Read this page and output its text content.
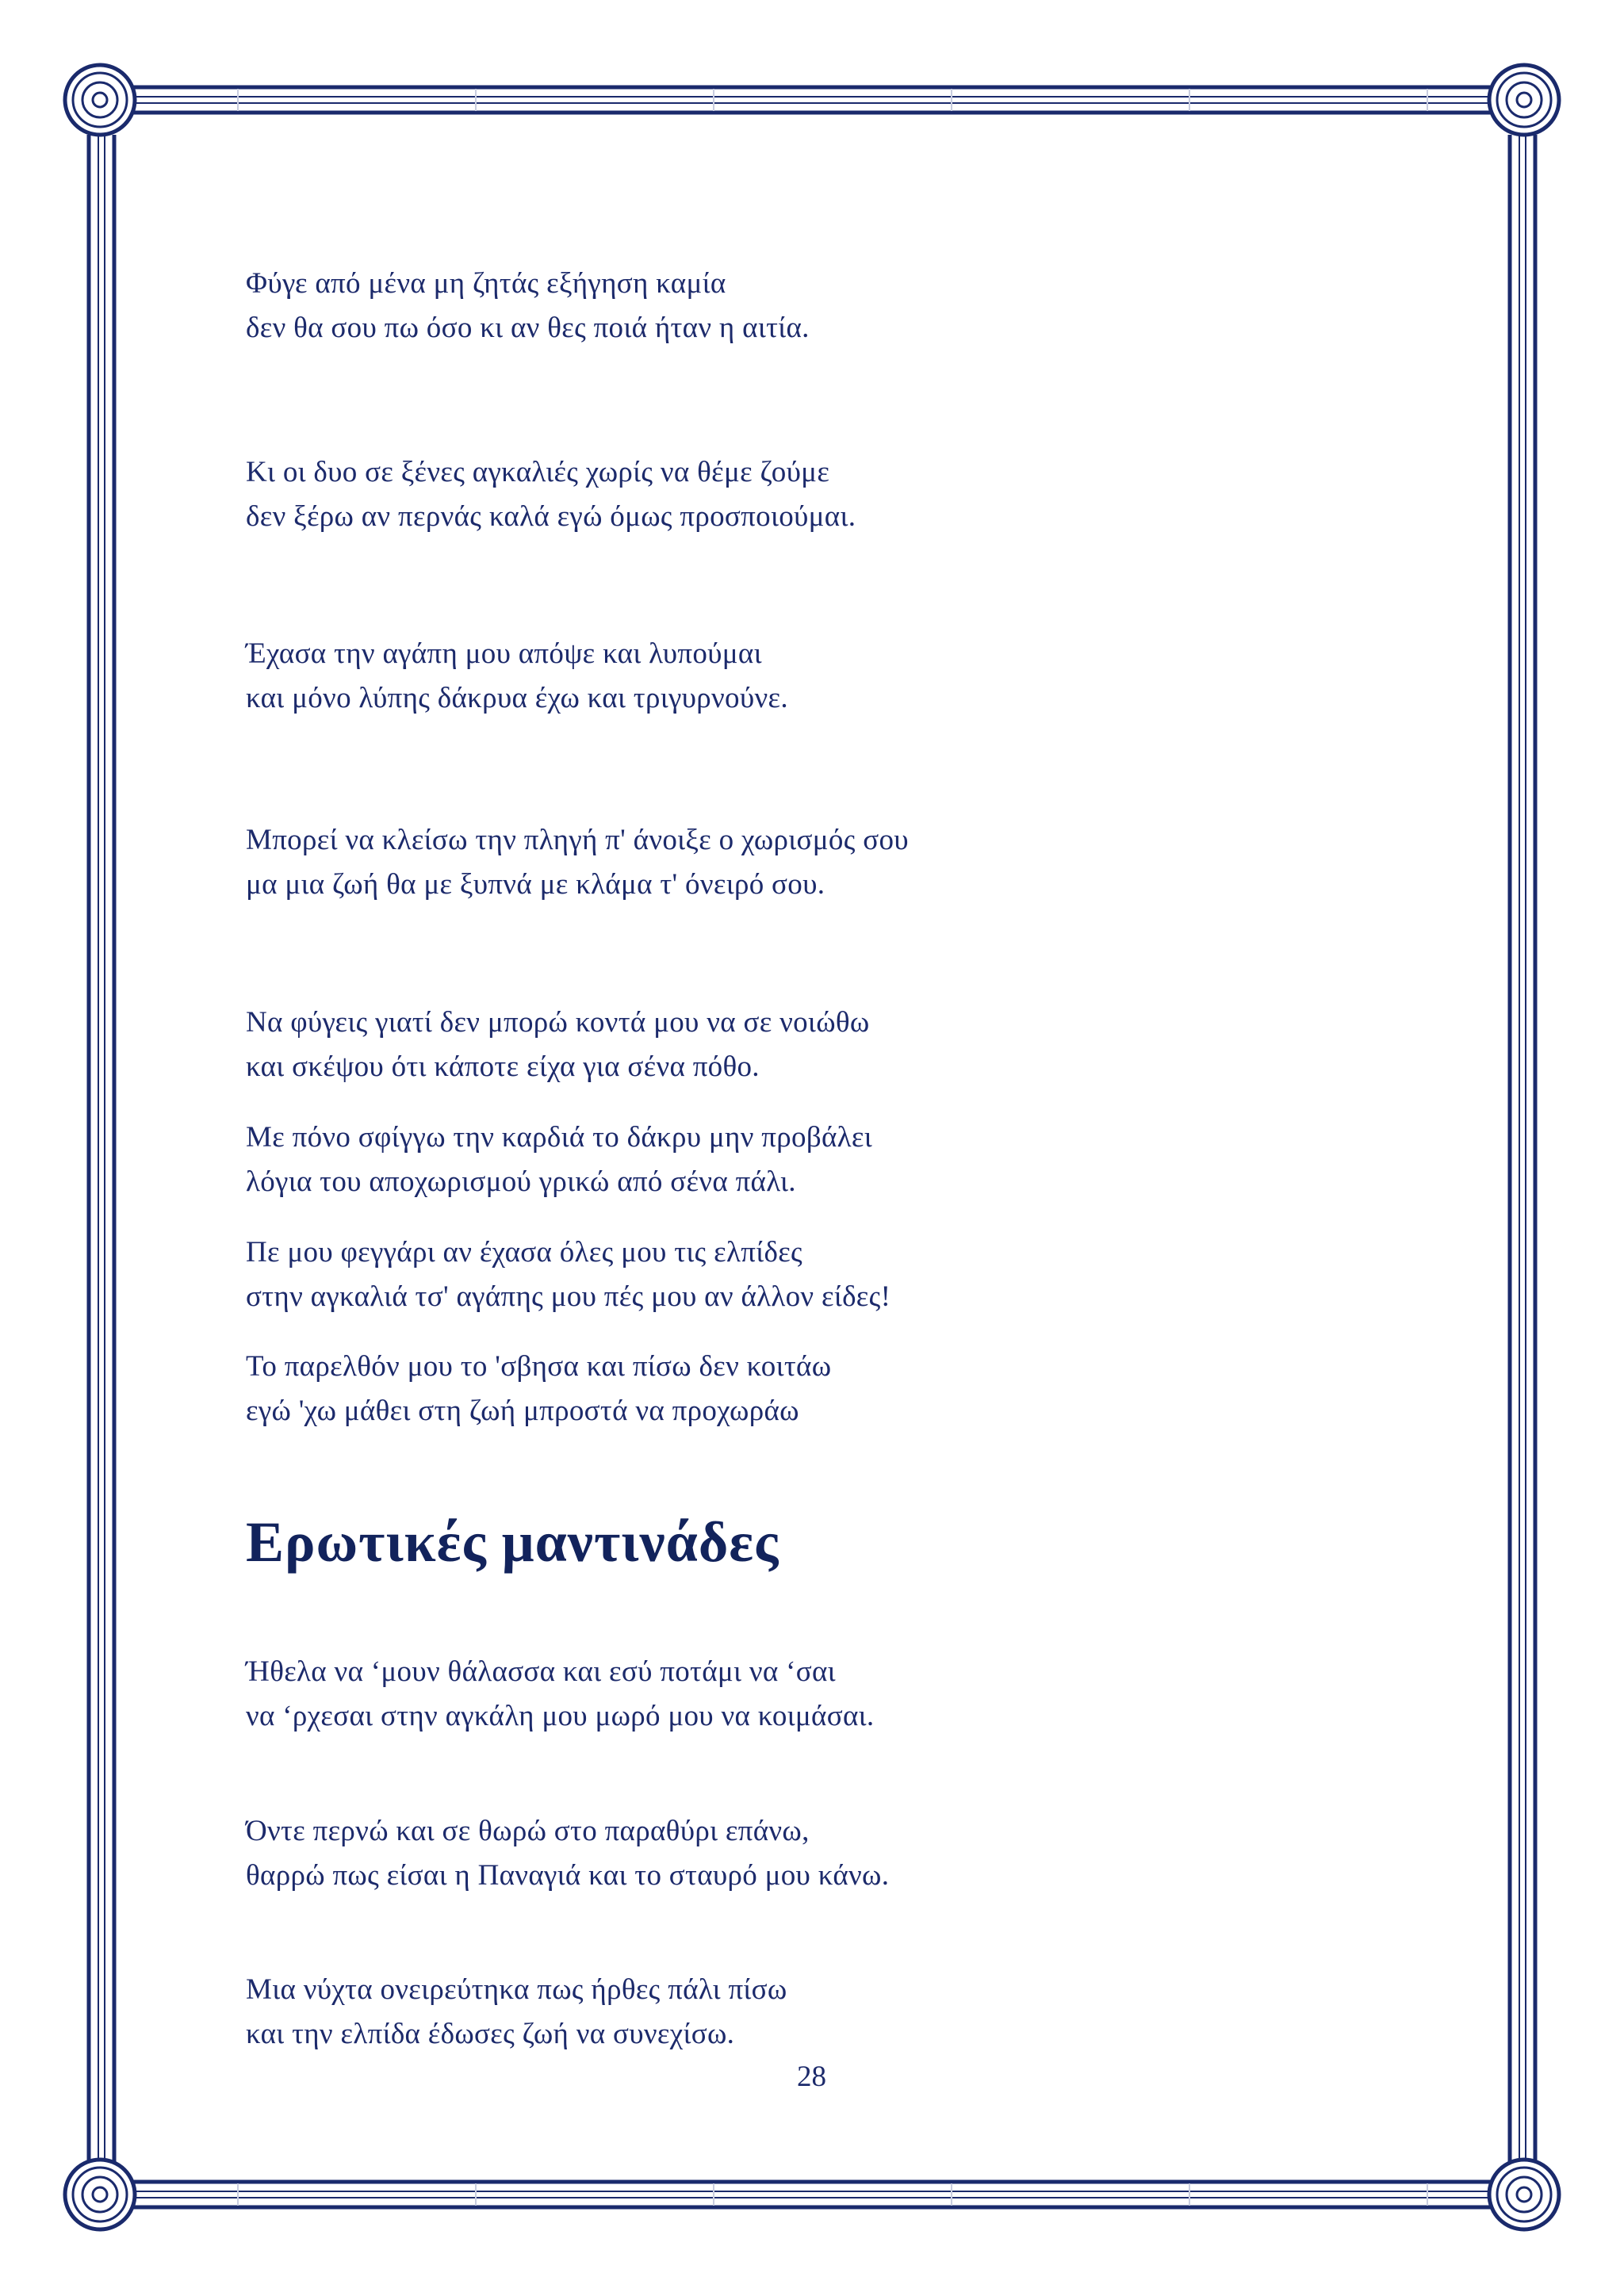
Φύγε από μένα μη ζητάς εξήγηση καμία
δεν θα σου πω όσο κι αν θες ποιά ήταν η αιτία.
Κι οι δυο σε ξένες αγκαλιές χωρίς να θέμε ζούμε
δεν ξέρω αν περνάς καλά εγώ όμως προσποιούμαι.
Έχασα την αγάπη μου απόψε και λυπούμαι
και μόνο λύπης δάκρυα έχω και τριγυρνούνε.
Μπορεί να κλείσω την πληγή π' άνοιξε ο χωρισμός σου
μα μια ζωή θα με ξυπνά με κλάμα τ' όνειρό σου.
Να φύγεις γιατί δεν μπορώ κοντά μου να σε νοιώθω
και σκέψου ότι κάποτε είχα για σένα πόθο.
Με πόνο σφίγγω την καρδιά το δάκρυ μην προβάλει
λόγια του αποχωρισμού γρικώ από σένα πάλι.
Πε μου φεγγάρι αν έχασα όλες μου τις ελπίδες
στην αγκαλιά τσ' αγάπης μου πές μου αν άλλον είδες!
Το παρελθόν μου το 'σβησα και πίσω δεν κοιτάω
εγώ 'χω μάθει στη ζωή μπροστά να προχωράω
Ερωτικές μαντινάδες
Ήθελα να ‘μουν θάλασσα και εσύ ποτάμι να ‘σαι
να ‘ρχεσαι στην αγκάλη μου μωρό μου να κοιμάσαι.
Όντε περνώ και σε θωρώ στο παραθύρι επάνω,
θαρρώ πως είσαι η Παναγιά και το σταυρό μου κάνω.
Μια νύχτα ονειρεύτηκα πως ήρθες πάλι πίσω
και την ελπίδα έδωσες ζωή να συνεχίσω.
28
